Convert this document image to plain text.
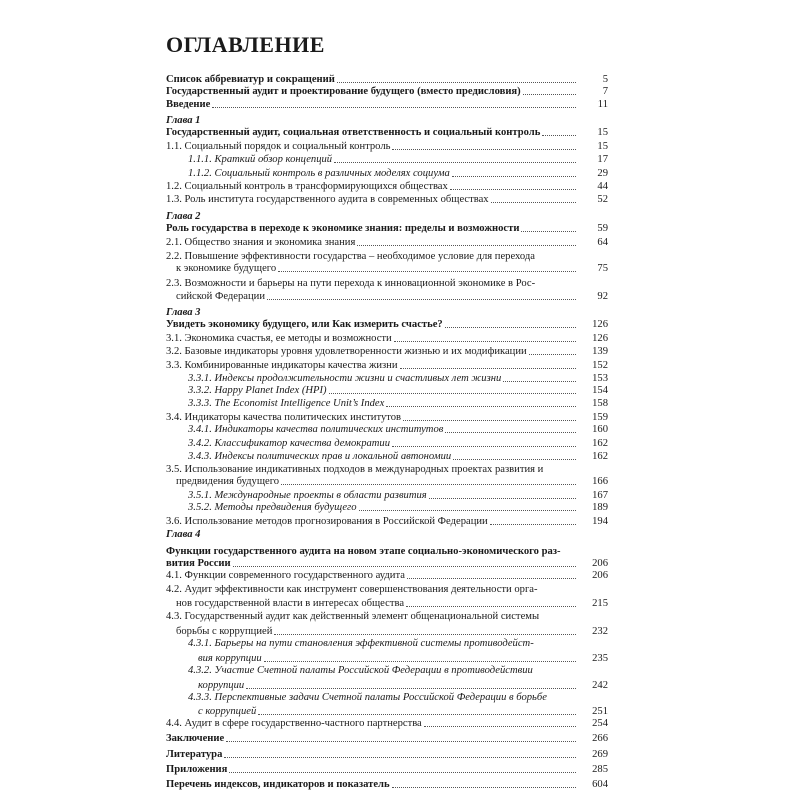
ОГЛАВЛЕНИЕ
Список аббревиатур и сокращений	5
Государственный аудит и проектирование будущего (вместо предисловия)	7
Введение	11
Глава 1
Государственный аудит, социальная ответственность и социальный контроль	15
1.1. Социальный порядок и социальный контроль	15
1.1.1. Краткий обзор концепций	17
1.1.2. Социальный контроль в различных моделях социума	29
1.2. Социальный контроль в трансформирующихся обществах	44
1.3. Роль института государственного аудита в современных обществах	52
Глава 2
Роль государства в переходе к экономике знания: пределы и возможности	59
2.1. Общество знания и экономика знания	64
2.2. Повышение эффективности государства – необходимое условие для перехода
к экономике будущего	75
2.3. Возможности и барьеры на пути перехода к инновационной экономике в Рос-
сийской Федерации	92
Глава 3
Увидеть экономику будущего, или Как измерить счастье?	126
3.1. Экономика счастья, ее методы и возможности	126
3.2. Базовые индикаторы уровня удовлетворенности жизнью и их модификации	139
3.3. Комбинированные индикаторы качества жизни	152
3.3.1. Индексы продолжительности жизни и счастливых лет жизни	153
3.3.2. Happy Planet Index (HPI)	154
3.3.3. The Economist Intelligence Unit’s Index	158
3.4. Индикаторы качества политических институтов	159
3.4.1. Индикаторы качества политических институтов	160
3.4.2. Классификатор качества демократии	162
3.4.3. Индексы политических прав и локальной автономии	162
3.5. Использование индикативных подходов в международных проектах развития и
предвидения будущего	166
3.5.1. Международные проекты в области развития	167
3.5.2. Методы предвидения будущего	189
3.6. Использование методов прогнозирования в Российской Федерации	194
Глава 4
Функции государственного аудита на новом этапе социально-экономического раз-
вития России	206
4.1. Функции современного государственного аудита	206
4.2. Аудит эффективности как инструмент совершенствования деятельности орга-
нов государственной власти в интересах общества	215
4.3. Государственный аудит как действенный элемент общенациональной системы
борьбы с коррупцией	232
4.3.1. Барьеры на пути становления эффективной системы противодейст-
вия коррупции	235
4.3.2. Участие Счетной палаты Российской Федерации в противодействии
коррупции	242
4.3.3. Перспективные задачи Счетной палаты Российской Федерации в борьбе
с коррупцией	251
4.4. Аудит в сфере государственно-частного партнерства	254
Заключение	266
Литература	269
Приложения	285
Перечень индексов, индикаторов и показатель	604
